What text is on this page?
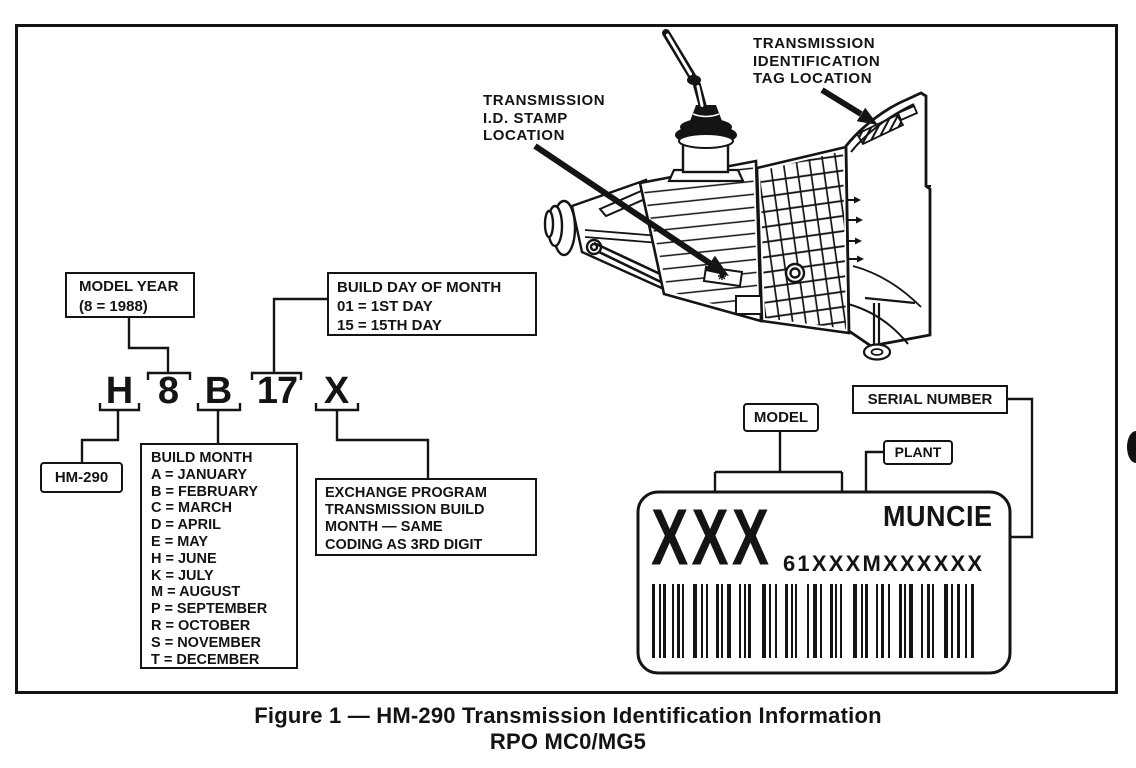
TRANSMISSION
I.D. STAMP
LOCATION
TRANSMISSION
IDENTIFICATION
TAG LOCATION
H 8 B 17 X
MODEL YEAR
(8 = 1988)
BUILD DAY OF MONTH
01 = 1ST DAY
15 = 15TH DAY
HM-290
BUILD MONTH
A = JANUARY
B = FEBRUARY
C = MARCH
D = APRIL
E = MAY
H = JUNE
K = JULY
M = AUGUST
P = SEPTEMBER
R = OCTOBER
S = NOVEMBER
T = DECEMBER
EXCHANGE PROGRAM
TRANSMISSION BUILD
MONTH — SAME
CODING AS 3RD DIGIT
MODEL
PLANT
SERIAL NUMBER
XXX 61XXXMXXXXXX
MUNCIE
Figure 1 — HM-290 Transmission Identification Information
RPO MC0/MG5
